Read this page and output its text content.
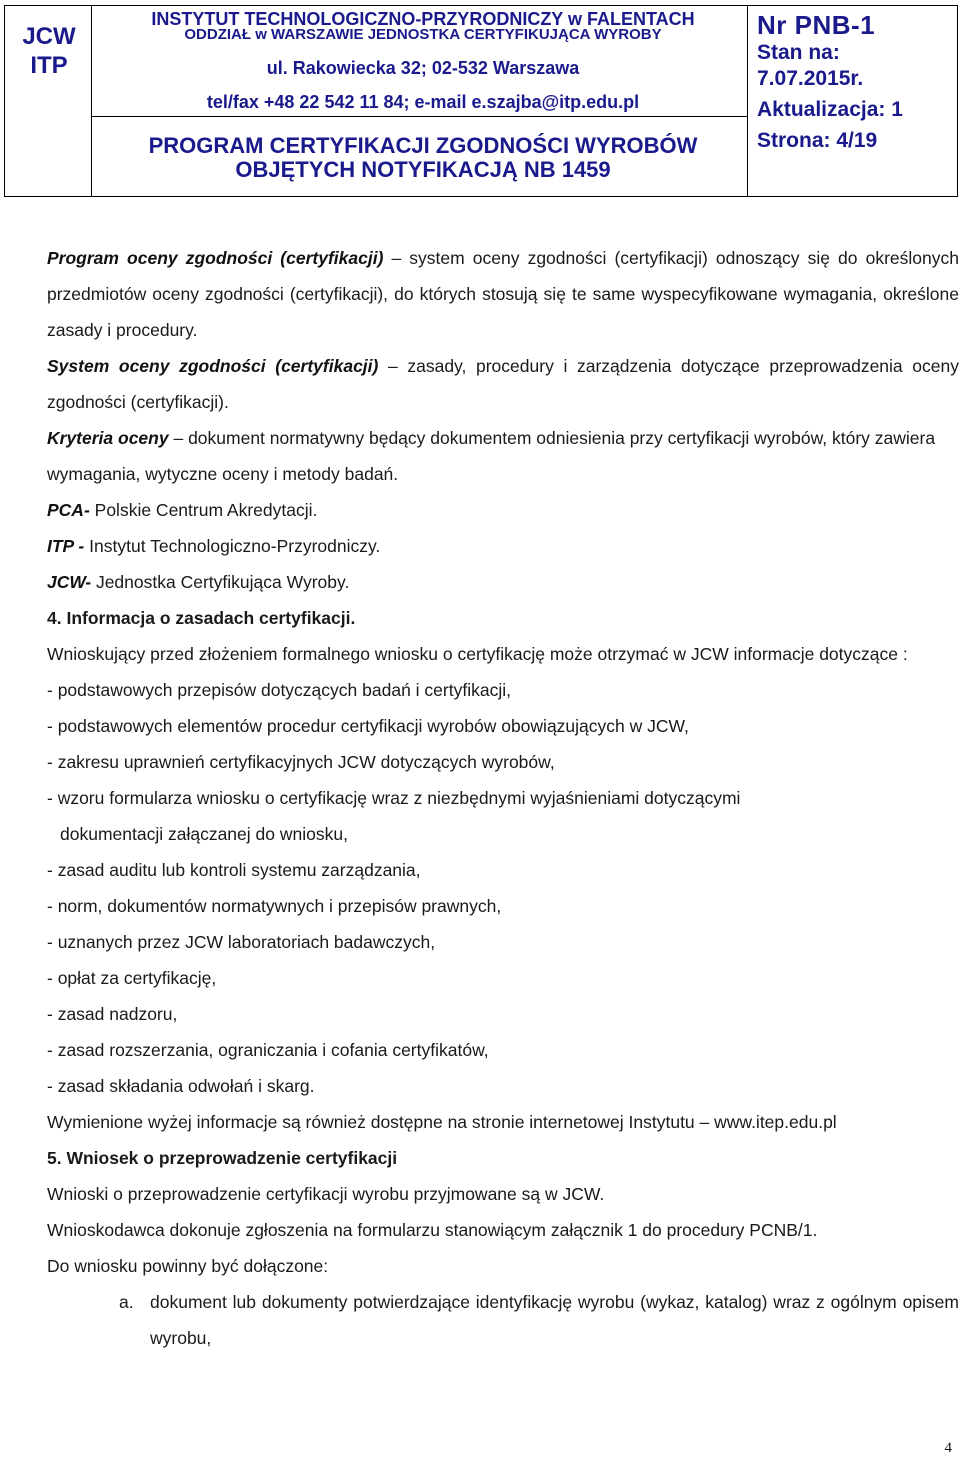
JCW
ITP
INSTYTUT TECHNOLOGICZNO-PRZYRODNICZY w FALENTACH
ODDZIAŁ w WARSZAWIE JEDNOSTKA CERTYFIKUJĄCA WYROBY
ul. Rakowiecka 32; 02-532 Warszawa
tel/fax +48 22 542 11 84; e-mail e.szajba@itp.edu.pl
PROGRAM CERTYFIKACJI ZGODNOŚCI WYROBÓW
OBJĘTYCH NOTYFIKACJĄ NB 1459
Nr PNB-1
Stan na:
7.07.2015r.
Aktualizacja: 1
Strona: 4/19

Program oceny zgodności (certyfikacji) – system oceny zgodności (certyfikacji) odnoszący się do określonych przedmiotów oceny zgodności (certyfikacji), do których stosują się te same wyspecyfikowane wymagania, określone zasady i procedury.

System oceny zgodności (certyfikacji) – zasady, procedury i zarządzenia dotyczące przeprowadzenia oceny zgodności (certyfikacji).

Kryteria oceny – dokument normatywny będący dokumentem odniesienia przy certyfikacji wyrobów, który zawiera wymagania, wytyczne oceny i metody badań.

PCA- Polskie Centrum Akredytacji.

ITP - Instytut Technologiczno-Przyrodniczy.

JCW- Jednostka Certyfikująca Wyroby.

4. Informacja o zasadach certyfikacji.

Wnioskujący przed złożeniem formalnego wniosku o certyfikację może otrzymać w JCW informacje dotyczące :

- podstawowych przepisów dotyczących badań i certyfikacji,

- podstawowych elementów procedur certyfikacji wyrobów obowiązujących w JCW,

- zakresu uprawnień certyfikacyjnych JCW dotyczących wyrobów,

- wzoru formularza wniosku o certyfikację wraz z niezbędnymi wyjaśnieniami dotyczącymi

dokumentacji załączanej do wniosku,

- zasad auditu lub kontroli systemu zarządzania,

- norm, dokumentów normatywnych i przepisów prawnych,

- uznanych przez JCW laboratoriach badawczych,

- opłat za certyfikację,

- zasad nadzoru,

- zasad rozszerzania, ograniczania i cofania certyfikatów,

- zasad składania odwołań i skarg.

Wymienione wyżej informacje są również dostępne na stronie internetowej Instytutu – www.itep.edu.pl

5. Wniosek o przeprowadzenie certyfikacji

Wnioski o przeprowadzenie certyfikacji wyrobu przyjmowane są w JCW.

Wnioskodawca dokonuje zgłoszenia na formularzu stanowiącym załącznik 1 do procedury PCNB/1.

Do wniosku powinny być dołączone:

a. dokument lub dokumenty potwierdzające identyfikację wyrobu (wykaz, katalog) wraz z ogólnym opisem wyrobu,

4
